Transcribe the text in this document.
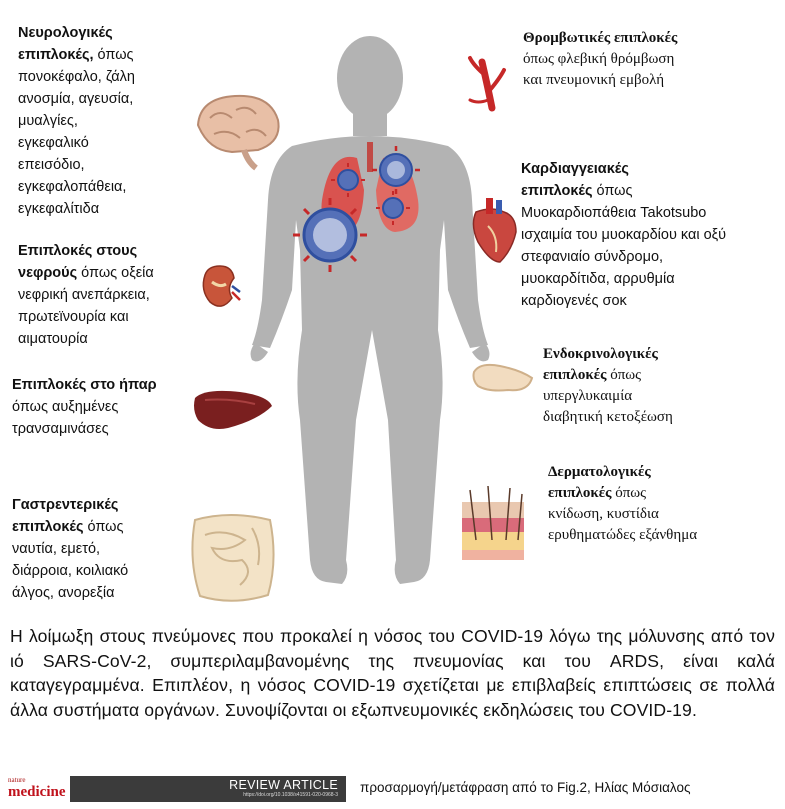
Νευρολογικές
επιπλοκές, όπως
πονοκέφαλο, ζάλη
ανοσμία, αγευσία,
μυαλγίες,
εγκεφαλικό
επεισόδιο,
εγκεφαλοπάθεια,
εγκεφαλίτιδα
Επιπλοκές στους
νεφρούς όπως οξεία
νεφρική ανεπάρκεια,
πρωτεϊνουρία και
αιματουρία
Επιπλοκές στο ήπαρ
όπως αυξημένες
τρανσαμινάσες
Γαστρεντερικές
επιπλοκές όπως
ναυτία, εμετό,
διάρροια, κοιλιακό
άλγος, ανορεξία
Θρομβωτικές επιπλοκές
όπως φλεβική θρόμβωση
και πνευμονική εμβολή
Καρδιαγγειακές
επιπλοκές όπως
Μυοκαρδιοπάθεια Takotsubo
ισχαιμία του μυοκαρδίου και οξύ
στεφανιαίο σύνδρομο,
μυοκαρδίτιδα, αρρυθμία
καρδιογενές σοκ
Ενδοκρινολογικές
επιπλοκές όπως
υπεργλυκαιμία
διαβητική κετοξέωση
Δερματολογικές
επιπλοκές όπως
κνίδωση, κυστίδια
ερυθηματώδες εξάνθημα
Η λοίμωξη στους πνεύμονες που προκαλεί η νόσος του COVID-19 λόγω της μόλυνσης από τον ιό SARS-CoV-2, συμπεριλαμβανομένης της πνευμονίας και του ARDS, είναι καλά καταγεγραμμένα. Επιπλέον, η νόσος COVID-19 σχετίζεται με επιβλαβείς επιπτώσεις σε πολλά άλλα συστήματα οργάνων. Συνοψίζονται οι εξωπνευμονικές εκδηλώσεις του COVID-19.
nature
medicine	REVIEW ARTICLE
https://doi.org/10.1038/s41591-020-0968-3 προσαρμογή/μετάφραση από το Fig.2, Ηλίας Μόσιαλος
